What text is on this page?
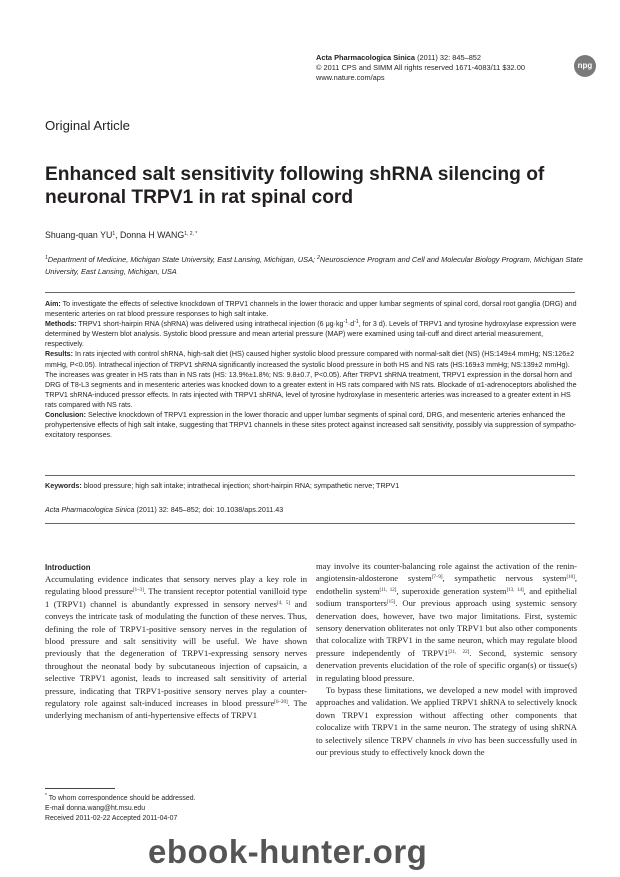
Acta Pharmacologica Sinica (2011) 32: 845–852
© 2011 CPS and SIMM All rights reserved 1671-4083/11 $32.00
www.nature.com/aps
npg
Original Article
Enhanced salt sensitivity following shRNA silencing of neuronal TRPV1 in rat spinal cord
Shuang-quan $YU^1$, Donna H $WANG^{1, 2, *}$
$^1$Department of Medicine, Michigan State University, East Lansing, Michigan, USA; $^2$Neuroscience Program and Cell and Molecular Biology Program, Michigan State University, East Lansing, Michigan, USA

Aim: To investigate the effects of selective knockdown of TRPV1 channels in the lower thoracic and upper lumbar segments of spinal cord, dorsal root ganglia (DRG) and mesenteric arteries on rat blood pressure responses to high salt intake.

Methods: TRPV1 short-hairpin RNA (shRNA) was delivered using intrathecal injection (6 $\mu g\cdot kg^{-1}\cdot d^{-1}$, for 3 d). Levels of TRPV1 and tyrosine hydroxylase expression were determined by Western blot analysis. Systolic blood pressure and mean arterial pressure (MAP) were examined using tail-cuff and direct arterial measurement, respectively.

Results: In rats injected with control shRNA, high-salt diet (HS) caused higher systolic blood pressure compared with normal-salt diet (NS) (HS:149±4 mmHg; NS:126±2 mmHg, P<0.05). Intrathecal injection of TRPV1 shRNA significantly increased the systolic blood pressure in both HS and NS rats (HS:169±3 mmHg; NS:139±2 mmHg). The increases was greater in HS rats than in NS rats (HS: 13.9%±1.8%; NS: 9.8±0.7, P<0.05). After TRPV1 shRNA treatment, TRPV1 expression in the dorsal horn and DRG of T8-L3 segments and in mesenteric arteries was knocked down to a greater extent in HS rats compared with NS rats. Blockade of α1-adrenoceptors abolished the TRPV1 shRNA-induced pressor effects. In rats injected with TRPV1 shRNA, level of tyrosine hydroxylase in mesenteric arteries was increased to a greater extent in HS rats compared with NS rats.

Conclusion: Selective knockdown of TRPV1 expression in the lower thoracic and upper lumbar segments of spinal cord, DRG, and mesenteric arteries enhanced the prohypertensive effects of high salt intake, suggesting that TRPV1 channels in these sites protect against increased salt sensitivity, possibly via suppression of sympatho-excitatory responses.

Keywords: blood pressure; high salt intake; intrathecal injection; short-hairpin RNA; sympathetic nerve; TRPV1
Acta Pharmacologica Sinica (2011) 32: 845–852; doi: 10.1038/aps.2011.43
Introduction

Accumulating evidence indicates that sensory nerves play a key role in regulating blood pressure[1–3]. The transient receptor potential vanilloid type 1 (TRPV1) channel is abundantly expressed in sensory nerves[4, 5] and conveys the intricate task of modulating the function of these nerves. Thus, defining the role of TRPV1-positive sensory nerves in the regulation of blood pressure and salt sensitivity will be useful. We have shown previously that the degeneration of TRPV1-expressing sensory nerves throughout the neonatal body by subcutaneous injection of capsaicin, a selective TRPV1 agonist, leads to increased salt sensitivity of arterial pressure, indicating that TRPV1-positive sensory nerves play a counter-regulatory role against salt-induced increases in blood pressure[6–20]. The underlying mechanism of anti-hypertensive effects of TRPV1

may involve its counter-balancing role against the activation of the renin-angiotensin-aldosterone system[7–9], sympathetic nervous system[10], endothelin system[11, 12], superoxide generation system[13, 14], and epithelial sodium transporters[15]. Our previous approach using systemic sensory denervation does, however, have two major limitations. First, systemic sensory denervation obliterates not only TRPV1 but also other components that colocalize with TRPV1 in the same neuron, which may regulate blood pressure independently of TRPV1[21, 22]. Second, systemic sensory denervation prevents elucidation of the role of specific organ(s) or tissue(s) in regulating blood pressure.

To bypass these limitations, we developed a new model with improved approaches and validation. We applied TRPV1 shRNA to selectively knock down TRPV1 expression without affecting other components that colocalize with TRPV1 in the same neuron. The strategy of using shRNA to selectively silence TRPV channels in vivo has been successfully used in our previous study to effectively knock down the

* To whom correspondence should be addressed.
E-mail donna.wang@ht.msu.edu
Received 2011-02-22 Accepted 2011-04-07
ebook-hunter.org
